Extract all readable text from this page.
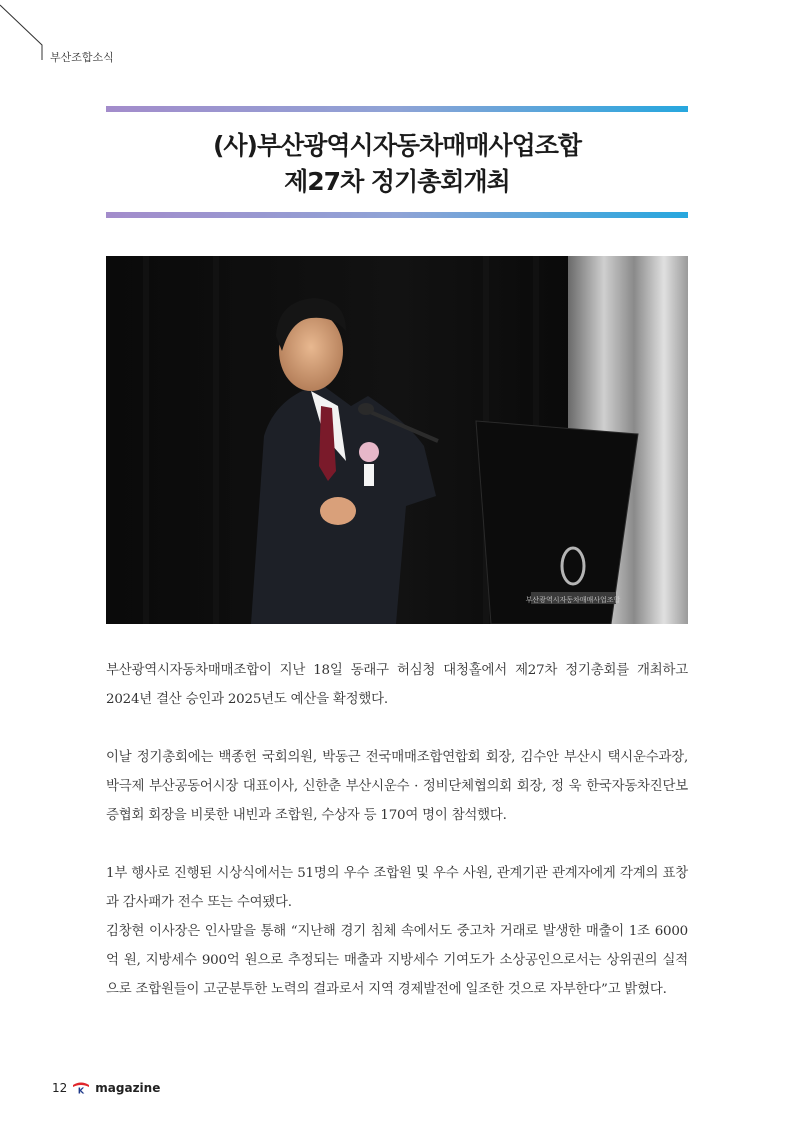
부산조합소식
(사)부산광역시자동차매매사업조합
제27차 정기총회개최
부산광역시자동차매매사업조합

부산광역시자동차매매조합이 지난 18일 동래구 허심청 대청홀에서 제27차 정기총회를 개최하고 2024년 결산 승인과 2025년도 예산을 확정했다.

이날 정기총회에는 백종헌 국회의원, 박동근 전국매매조합연합회 회장, 김수안 부산시 택시운수과장, 박극제 부산공동어시장 대표이사, 신한춘 부산시운수 · 정비단체협의회 회장, 정 욱 한국자동차진단보증협회 회장을 비롯한 내빈과 조합원, 수상자 등 170여 명이 참석했다.

1부 행사로 진행된 시상식에서는 51명의 우수 조합원 및 우수 사원, 관계기관 관계자에게 각계의 표창과 감사패가 전수 또는 수여됐다.

김창현 이사장은 인사말을 통해 “지난해 경기 침체 속에서도 중고차 거래로 발생한 매출이 1조 6000억 원, 지방세수 900억 원으로 추정되는 매출과 지방세수 기여도가 소상공인으로서는 상위권의 실적으로 조합원들이 고군분투한 노력의 결과로서 지역 경제발전에 일조한 것으로 자부한다”고 밝혔다.

12 K magazine
